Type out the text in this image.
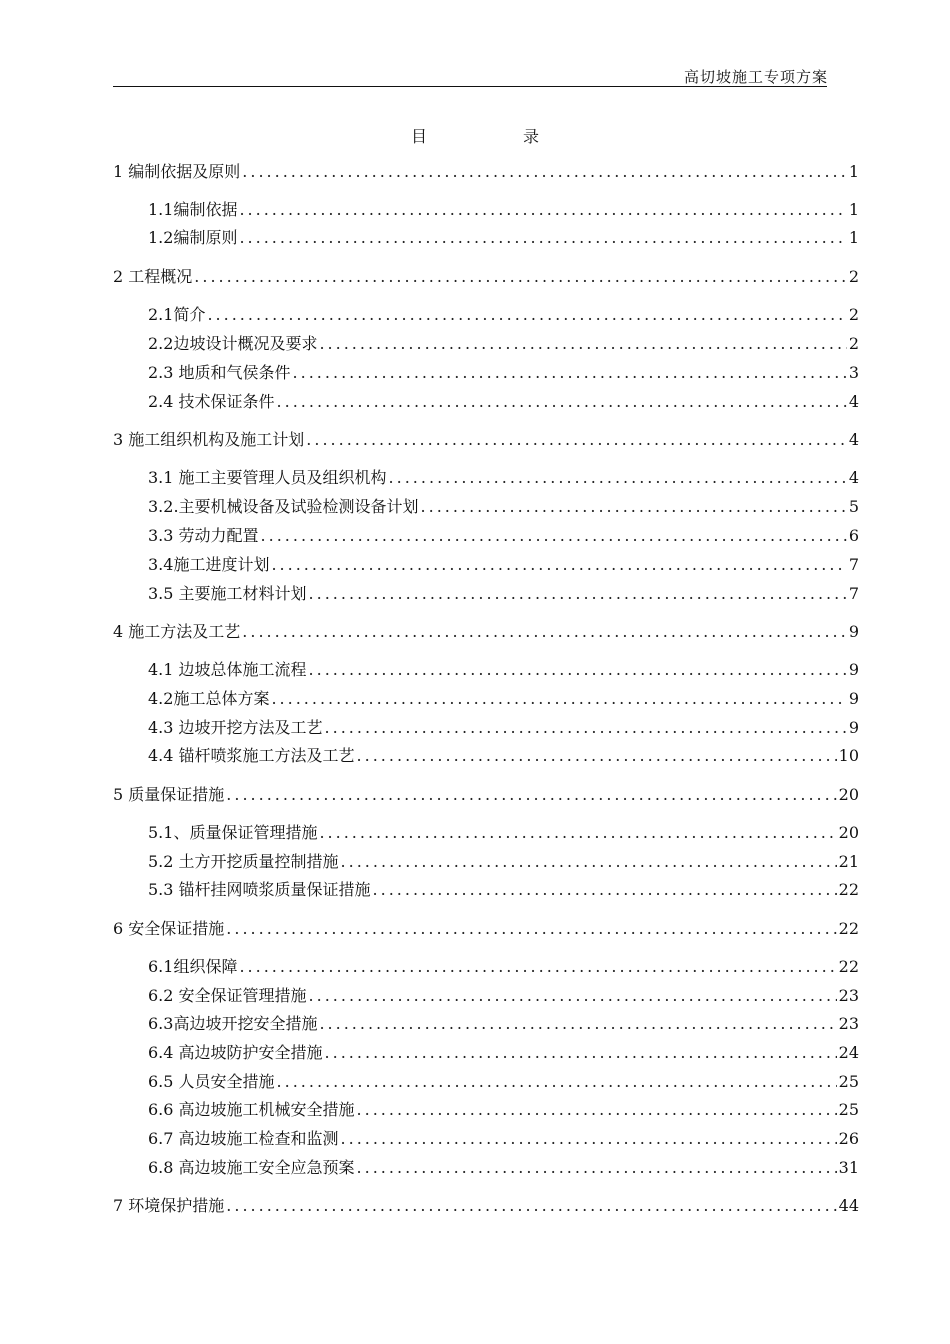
高切坡施工专项方案
目　录
1 编制依据及原则 .....	1
1.1编制依据 .....	1
1.2编制原则 .....	1
2 工程概况 .....	2
2.1简介 .....	2
2.2边坡设计概况及要求 .....	2
2.3 地质和气侯条件 .....	3
2.4 技术保证条件 .....	4
3 施工组织机构及施工计划 .....	4
3.1 施工主要管理人员及组织机构 .....	4
3.2.主要机械设备及试验检测设备计划 .....	5
3.3 劳动力配置 .....	6
3.4施工进度计划 .....	7
3.5 主要施工材料计划 .....	7
4 施工方法及工艺 .....	9
4.1 边坡总体施工流程 .....	9
4.2施工总体方案 .....	9
4.3 边坡开挖方法及工艺 .....	9
4.4 锚杆喷浆施工方法及工艺 .....	10
5 质量保证措施 .....	20
5.1、质量保证管理措施 .....	20
5.2 土方开挖质量控制措施 .....	21
5.3 锚杆挂网喷浆质量保证措施 .....	22
6 安全保证措施 .....	22
6.1组织保障 .....	22
6.2 安全保证管理措施 .....	23
6.3高边坡开挖安全措施 .....	23
6.4 高边坡防护安全措施 .....	24
6.5 人员安全措施 .....	25
6.6 高边坡施工机械安全措施 .....	25
6.7 高边坡施工检查和监测 .....	26
6.8 高边坡施工安全应急预案 .....	31
7 环境保护措施 .....	44
